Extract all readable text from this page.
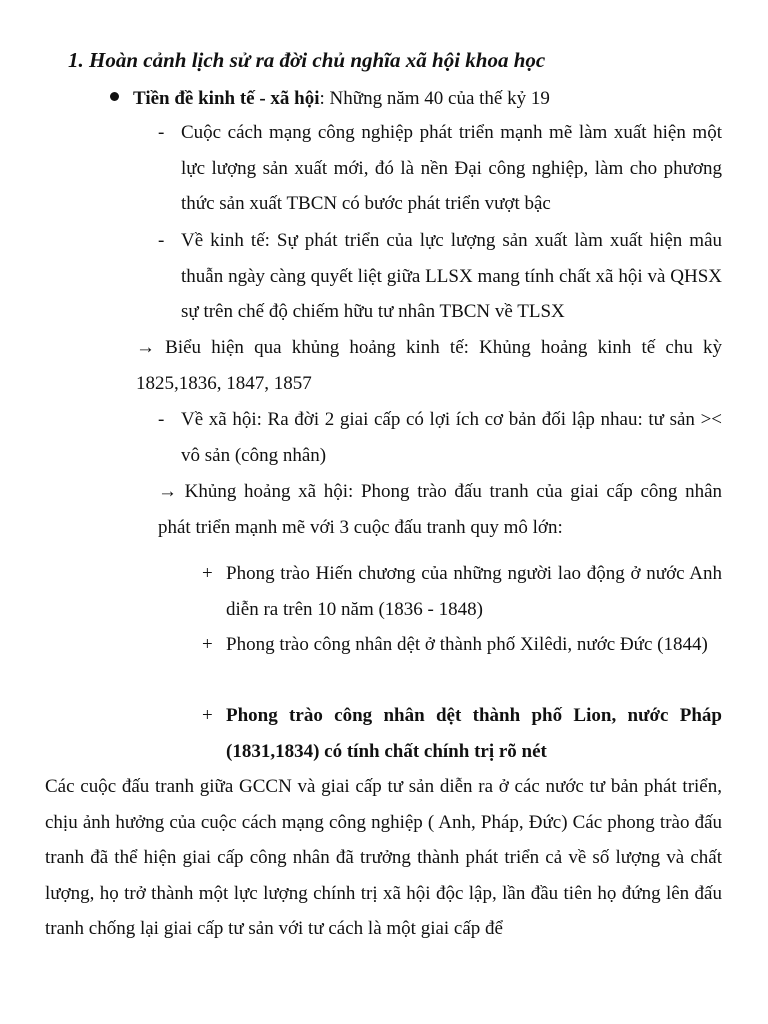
1. Hoàn cảnh lịch sử ra đời chủ nghĩa xã hội khoa học
Tiền đề kinh tế - xã hội: Những năm 40 của thế kỷ 19
- Cuộc cách mạng công nghiệp phát triển mạnh mẽ làm xuất hiện một lực lượng sản xuất mới, đó là nền Đại công nghiệp, làm cho phương thức sản xuất TBCN có bước phát triển vượt bậc
- Về kinh tế: Sự phát triển của lực lượng sản xuất làm xuất hiện mâu thuẫn ngày càng quyết liệt giữa LLSX mang tính chất xã hội và QHSX sự trên chế độ chiếm hữu tư nhân TBCN về TLSX
→ Biểu hiện qua khủng hoảng kinh tế: Khủng hoảng kinh tế chu kỳ
1825,1836, 1847, 1857
- Về xã hội: Ra đời 2 giai cấp có lợi ích cơ bản đối lập nhau: tư sản >< vô sản (công nhân)
→ Khủng hoảng xã hội: Phong trào đấu tranh của giai cấp công nhân
phát triển mạnh mẽ với 3 cuộc đấu tranh quy mô lớn:
+ Phong trào Hiến chương của những người lao động ở nước Anh diễn ra trên 10 năm (1836 - 1848)
+ Phong trào công nhân dệt ở thành phố Xilêdi, nước Đức (1844)
+ Phong trào công nhân dệt thành phố Lion, nước Pháp (1831,1834) có tính chất chính trị rõ nét
Các cuộc đấu tranh giữa GCCN và giai cấp tư sản diễn ra ở các nước tư bản phát triển, chịu ảnh hưởng của cuộc cách mạng công nghiệp ( Anh, Pháp, Đức) Các phong trào đấu tranh đã thể hiện giai cấp công nhân đã trưởng thành phát triển cả về số lượng và chất lượng, họ trở thành một lực lượng chính trị xã hội độc lập, lần đầu tiên họ đứng lên đấu tranh chống lại giai cấp tư sản với tư cách là một giai cấp để
